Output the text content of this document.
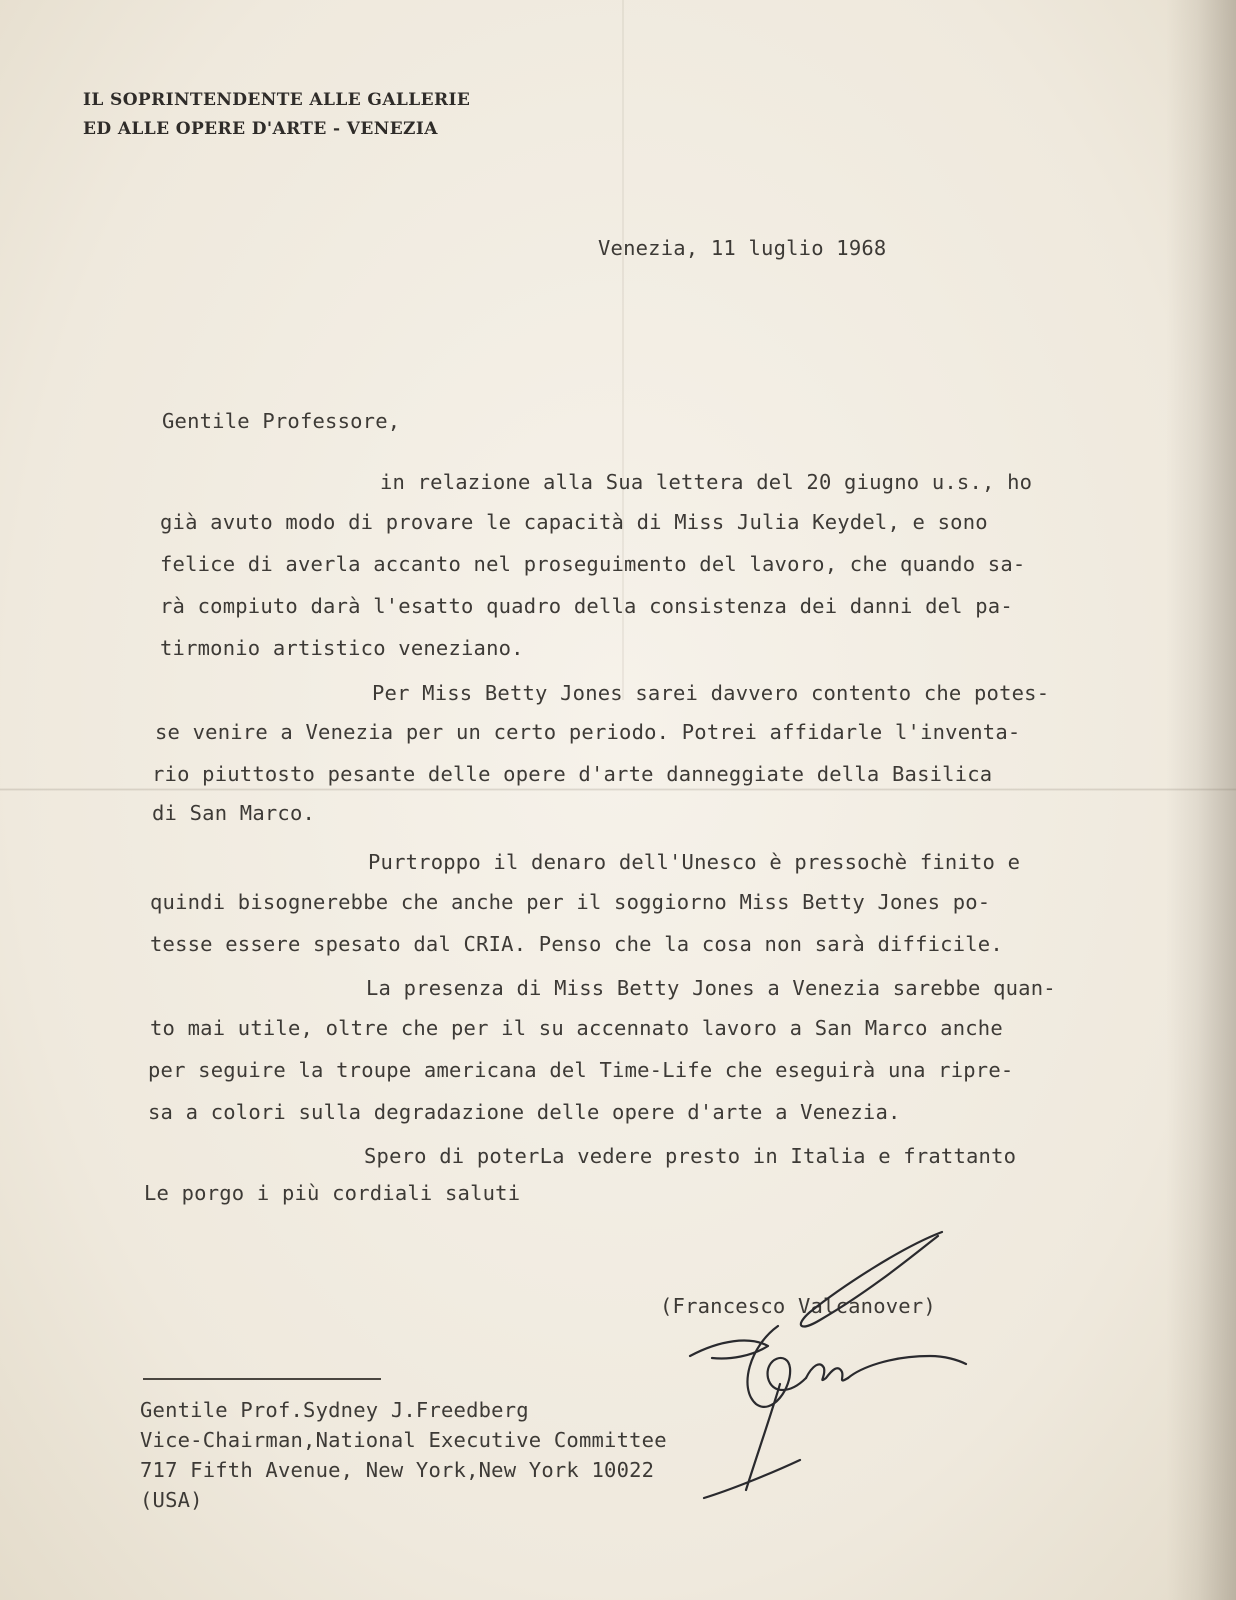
IL SOPRINTENDENTE ALLE GALLERIE
ED ALLE OPERE D'ARTE - VENEZIA
Venezia, 11 luglio 1968
Gentile Professore,
in relazione alla Sua lettera del 20 giugno u.s., ho
già avuto modo di provare le capacità di Miss Julia Keydel, e sono
felice di averla accanto nel proseguimento del lavoro, che quando sa-
rà compiuto darà l'esatto quadro della consistenza dei danni del pa-
tirmonio artistico veneziano.
Per Miss Betty Jones sarei davvero contento che potes-
se venire a Venezia per un certo periodo. Potrei affidarle l'inventa-
rio piuttosto pesante delle opere d'arte danneggiate della Basilica
di San Marco.
Purtroppo il denaro dell'Unesco è pressochè finito e
quindi bisognerebbe che anche per il soggiorno Miss Betty Jones po-
tesse essere spesato dal CRIA. Penso che la cosa non sarà difficile.
La presenza di Miss Betty Jones a Venezia sarebbe quan-
to mai utile, oltre che per il su accennato lavoro a San Marco anche
per seguire la troupe americana del Time-Life che eseguirà una ripre-
sa a colori sulla degradazione delle opere d'arte a Venezia.
Spero di poterLa vedere presto in Italia e frattanto
Le porgo i più cordiali saluti
(Francesco Valcanover)
Gentile Prof.Sydney J.Freedberg
Vice-Chairman,National Executive Committee
717 Fifth Avenue, New York,New York 10022
(USA)
